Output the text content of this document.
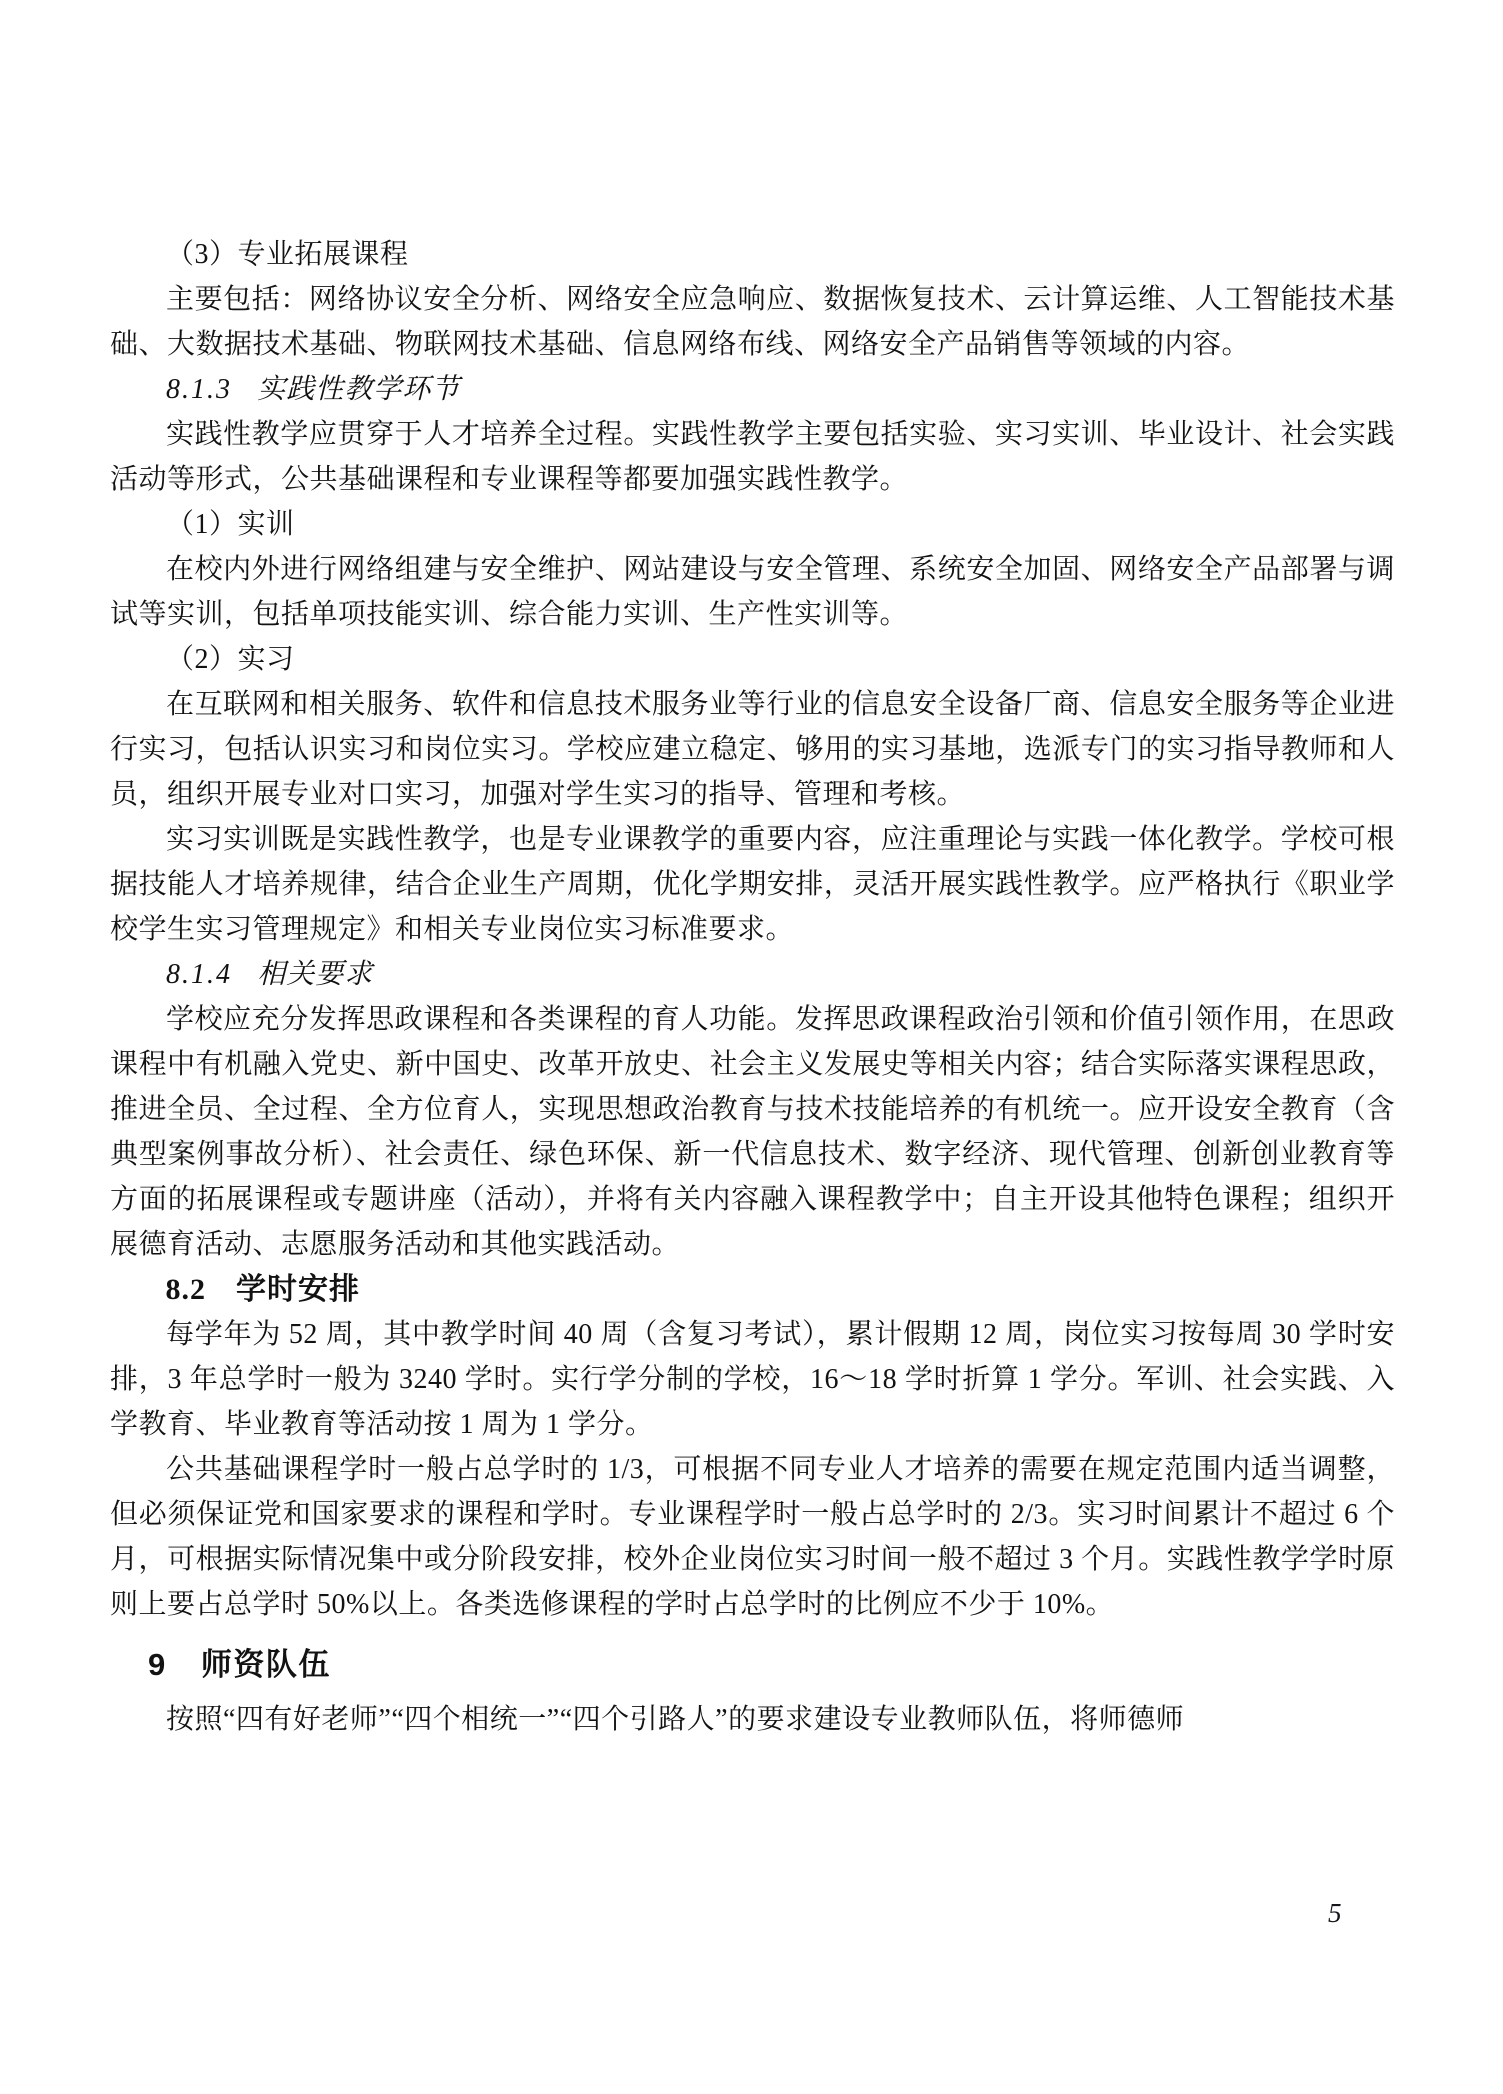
（3）专业拓展课程

主要包括：网络协议安全分析、网络安全应急响应、数据恢复技术、云计算运维、人工智能技术基础、大数据技术基础、物联网技术基础、信息网络布线、网络安全产品销售等领域的内容。

8.1.3 实践性教学环节

实践性教学应贯穿于人才培养全过程。实践性教学主要包括实验、实习实训、毕业设计、社会实践活动等形式，公共基础课程和专业课程等都要加强实践性教学。

（1）实训

在校内外进行网络组建与安全维护、网站建设与安全管理、系统安全加固、网络安全产品部署与调试等实训，包括单项技能实训、综合能力实训、生产性实训等。

（2）实习

在互联网和相关服务、软件和信息技术服务业等行业的信息安全设备厂商、信息安全服务等企业进行实习，包括认识实习和岗位实习。学校应建立稳定、够用的实习基地，选派专门的实习指导教师和人员，组织开展专业对口实习，加强对学生实习的指导、管理和考核。

实习实训既是实践性教学，也是专业课教学的重要内容，应注重理论与实践一体化教学。学校可根据技能人才培养规律，结合企业生产周期，优化学期安排，灵活开展实践性教学。应严格执行《职业学校学生实习管理规定》和相关专业岗位实习标准要求。

8.1.4 相关要求

学校应充分发挥思政课程和各类课程的育人功能。发挥思政课程政治引领和价值引领作用，在思政课程中有机融入党史、新中国史、改革开放史、社会主义发展史等相关内容；结合实际落实课程思政，推进全员、全过程、全方位育人，实现思想政治教育与技术技能培养的有机统一。应开设安全教育（含典型案例事故分析）、社会责任、绿色环保、新一代信息技术、数字经济、现代管理、创新创业教育等方面的拓展课程或专题讲座（活动），并将有关内容融入课程教学中；自主开设其他特色课程；组织开展德育活动、志愿服务活动和其他实践活动。

8.2 学时安排

每学年为 52 周，其中教学时间 40 周（含复习考试），累计假期 12 周，岗位实习按每周 30 学时安排，3 年总学时一般为 3240 学时。实行学分制的学校，16～18 学时折算 1 学分。军训、社会实践、入学教育、毕业教育等活动按 1 周为 1 学分。

公共基础课程学时一般占总学时的 1/3，可根据不同专业人才培养的需要在规定范围内适当调整，但必须保证党和国家要求的课程和学时。专业课程学时一般占总学时的 2/3。实习时间累计不超过 6 个月，可根据实际情况集中或分阶段安排，校外企业岗位实习时间一般不超过 3 个月。实践性教学学时原则上要占总学时 50%以上。各类选修课程的学时占总学时的比例应不少于 10%。

9 师资队伍

按照“四有好老师”“四个相统一”“四个引路人”的要求建设专业教师队伍，将师德师

5
